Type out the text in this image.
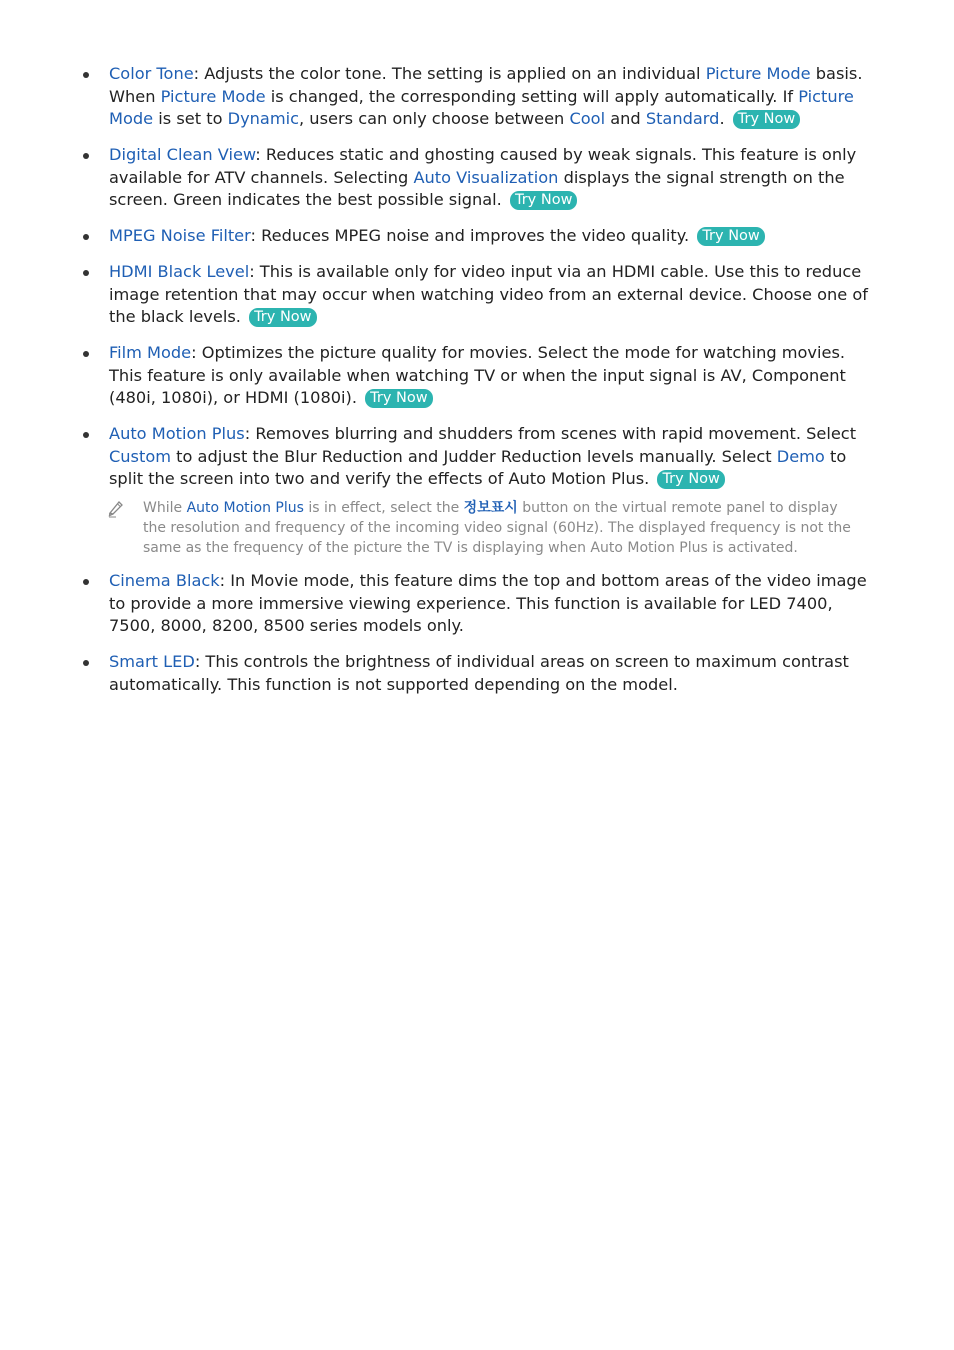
Color Tone: Adjusts the color tone. The setting is applied on an individual Picture Mode basis. When Picture Mode is changed, the corresponding setting will apply automatically. If Picture Mode is set to Dynamic, users can only choose between Cool and Standard. Try Now
Digital Clean View: Reduces static and ghosting caused by weak signals. This feature is only available for ATV channels. Selecting Auto Visualization displays the signal strength on the screen. Green indicates the best possible signal. Try Now
MPEG Noise Filter: Reduces MPEG noise and improves the video quality. Try Now
HDMI Black Level: This is available only for video input via an HDMI cable. Use this to reduce image retention that may occur when watching video from an external device. Choose one of the black levels. Try Now
Film Mode: Optimizes the picture quality for movies. Select the mode for watching movies. This feature is only available when watching TV or when the input signal is AV, Component (480i, 1080i), or HDMI (1080i). Try Now
Auto Motion Plus: Removes blurring and shudders from scenes with rapid movement. Select Custom to adjust the Blur Reduction and Judder Reduction levels manually. Select Demo to split the screen into two and verify the effects of Auto Motion Plus. Try Now
While Auto Motion Plus is in effect, select the 정보표시 button on the virtual remote panel to display the resolution and frequency of the incoming video signal (60Hz). The displayed frequency is not the same as the frequency of the picture the TV is displaying when Auto Motion Plus is activated.
Cinema Black: In Movie mode, this feature dims the top and bottom areas of the video image to provide a more immersive viewing experience. This function is available for LED 7400, 7500, 8000, 8200, 8500 series models only.
Smart LED: This controls the brightness of individual areas on screen to maximum contrast automatically. This function is not supported depending on the model.
